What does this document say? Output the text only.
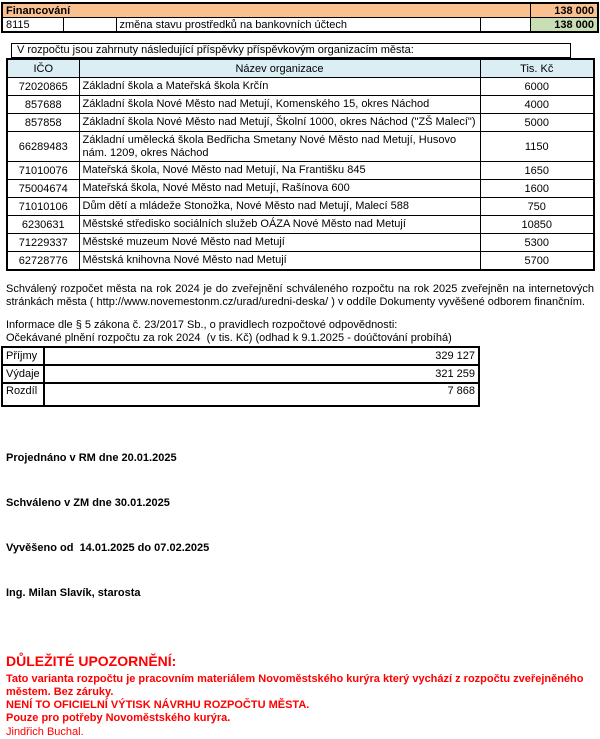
Financování				138 000
8115		změna stavu prostředků na bankovních účtech		138 000
V rozpočtu jsou zahrnuty následující příspěvky příspěvkovým organizacím města:
IČO	Název organizace	Tis. Kč
72020865	Základní škola a Mateřská škola Krčín	6000
857688	Základní škola Nové Město nad Metují, Komenského 15, okres Náchod	4000
857858	Základní škola Nové Město nad Metují, Školní 1000, okres Náchod ("ZŠ Malecí")	5000
66289483	Základní umělecká škola Bedřicha Smetany Nové Město nad Metují, Husovo nám. 1209, okres Náchod	1150
71010076	Mateřská škola, Nové Město nad Metují, Na Františku 845	1650
75004674	Mateřská škola, Nové Město nad Metují, Rašínova 600	1600
71010106	Dům dětí a mládeže Stonožka, Nové Město nad Metují, Malecí 588	750
6230631	Městské středisko sociálních služeb OÁZA Nové Město nad Metují	10850
71229337	Městské muzeum Nové Město nad Metují	5300
62728776	Městská knihovna Nové Město nad Metují	5700
Schválený rozpočet města na rok 2024 je do zveřejnění schváleného rozpočtu na rok 2025 zveřejněn na internetových stránkách města ( http://www.novemestonm.cz/urad/uredni-deska/ ) v oddíle Dokumenty vyvěšené odborem finančním.
Informace dle § 5 zákona č. 23/2017 Sb., o pravidlech rozpočtové odpovědnosti:
Očekávané plnění rozpočtu za rok 2024  (v tis. Kč) (odhad k 9.1.2025 - doúčtování probíhá)
Příjmy	329 127
Výdaje	321 259
Rozdíl	7 868

Projednáno v RM dne 20.01.2025

Schváleno v ZM dne 30.01.2025

Vyvěšeno od  14.01.2025 do 07.02.2025

Ing. Milan Slavík, starosta

DŮLEŽITÉ UPOZORNĚNÍ:
Tato varianta rozpočtu je pracovním materiálem Novoměstského kurýra který vychází z rozpočtu zveřejněného městem. Bez záruky.
NENÍ TO OFICIELNÍ VÝTISK NÁVRHU ROZPOČTU MĚSTA.
Pouze pro potřeby Novoměstského kurýra.
Jindřich Buchal.
